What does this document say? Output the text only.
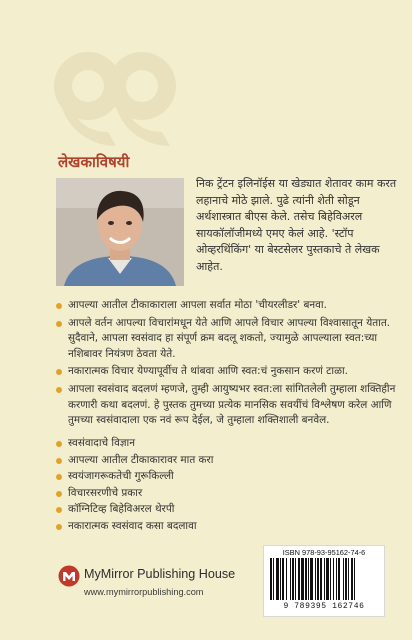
लेखकाविषयी

निक ट्रेंटन इलिनॉईस या खेड्यात शेतावर काम करत लहानाचे मोठे झाले. पुढे त्यांनी शेती सोडून अर्थशास्त्रात बीएस केले. तसेच बिहेविअरल सायकॉलॉजीमध्ये एमए केलं आहे. 'स्टॉप ओव्हरथिंकिंग' या बेस्टसेलर पुस्तकाचे ते लेखक आहेत.

आपल्या आतील टीकाकाराला आपला सर्वात मोठा 'चीयरलीडर' बनवा.
आपले वर्तन आपल्या विचारांमधून येते आणि आपले विचार आपल्या विश्वासातून येतात. सुदैवाने, आपला स्वसंवाद हा संपूर्ण क्रम बदलू शकतो, ज्यामुळे आपल्याला स्वत:च्या नशिबावर नियंत्रण ठेवता येते.
नकारात्मक विचार येण्यापूर्वीच ते थांबवा आणि स्वत:चं नुकसान करणं टाळा.
आपला स्वसंवाद बदलणं म्हणजे, तुम्ही आयुष्यभर स्वत:ला सांगितलेली तुम्हाला शक्तिहीन करणारी कथा बदलणं. हे पुस्तक तुमच्या प्रत्येक मानसिक सवयींचं विश्लेषण करेल आणि तुमच्या स्वसंवादाला एक नवं रूप देईल, जे तुम्हाला शक्तिशाली बनवेल.
स्वसंवादाचे विज्ञान
आपल्या आतील टीकाकारावर मात करा
स्वयंजागरूकतेची गुरूकिल्ली
विचारसरणीचे प्रकार
कॉग्निटिव्ह बिहेविअरल थेरपी
नकारात्मक स्वसंवाद कसा बदलावा
MyMirror Publishing House
www.mymirrorpublishing.com
ISBN 978-93-95162-74-6
9 789395 162746
